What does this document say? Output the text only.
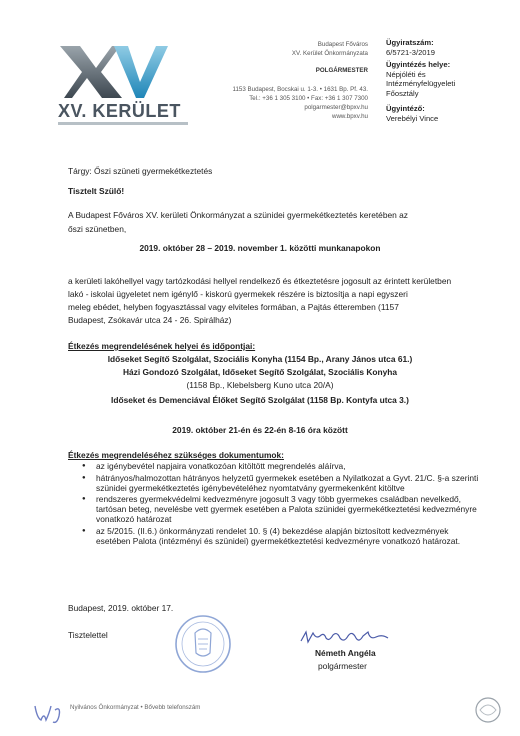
XV. KERÜLET
Budapest Főváros
XV. Kerület Önkormányzata
POLGÁRMESTER
1153 Budapest, Bocskai u. 1-3. • 1631 Bp. Pf. 43.
Tel.: +36 1 305 3100 • Fax: +36 1 307 7300
polgarmester@bpxv.hu
www.bpxv.hu
Ügyiratszám:
6/5721-3/2019
Ügyintézés helye:
Népjóléti és
Intézményfelügyeleti
Főosztály
Ügyintéző:
Verebélyi Vince
Tárgy: Őszi szüneti gyermekétkeztetés
Tisztelt Szülő!
A Budapest Főváros XV. kerületi Önkormányzat a szünidei gyermekétkeztetés keretében az
őszi szünetben,
2019. október 28 – 2019. november 1. közötti munkanapokon
a kerületi lakóhellyel vagy tartózkodási hellyel rendelkező és étkeztetésre jogosult az érintett kerületben
lakó - iskolai ügyeletet nem igénylő - kiskorú gyermekek részére is biztosítja a napi egyszeri
meleg ebédet, helyben fogyasztással vagy elviteles formában, a Pajtás étteremben (1157
Budapest, Zsókavár utca 24 - 26. Spirálház)
Étkezés megrendelésének helyei és időpontjai:
Időseket Segítő Szolgálat, Szociális Konyha (1154 Bp., Arany János utca 61.)
Házi Gondozó Szolgálat, Időseket Segítő Szolgálat, Szociális Konyha
(1158 Bp., Klebelsberg Kuno utca 20/A)
Időseket és Demenciával Élőket Segítő Szolgálat (1158 Bp. Kontyfa utca 3.)
2019. október 21-én és 22-én 8-16 óra között
Étkezés megrendeléséhez szükséges dokumentumok:
● az igénybevétel napjaira vonatkozóan kitöltött megrendelés aláírva,
● hátrányos/halmozottan hátrányos helyzetű gyermekek esetében a Nyilatkozat a Gyvt. 21/C. §-a szerinti szünidei gyermekétkeztetés igénybevételéhez nyomtatvány gyermekenként kitöltve
● rendszeres gyermekvédelmi kedvezményre jogosult 3 vagy több gyermekes családban nevelkedő, tartósan beteg, nevelésbe vett gyermek esetében a Palota szünidei gyermekétkeztetési kedvezményre vonatkozó határozat
● az 5/2015. (II.6.) önkormányzati rendelet 10. § (4) bekezdése alapján biztosított kedvezmények esetében Palota (intézményi és szünidei) gyermekétkeztetési kedvezményre vonatkozó határozat.
Budapest, 2019. október 17.
Tisztelettel
Németh Angéla
polgármester
Nyilvános Önkormányzat • Bővebb telefonszám
